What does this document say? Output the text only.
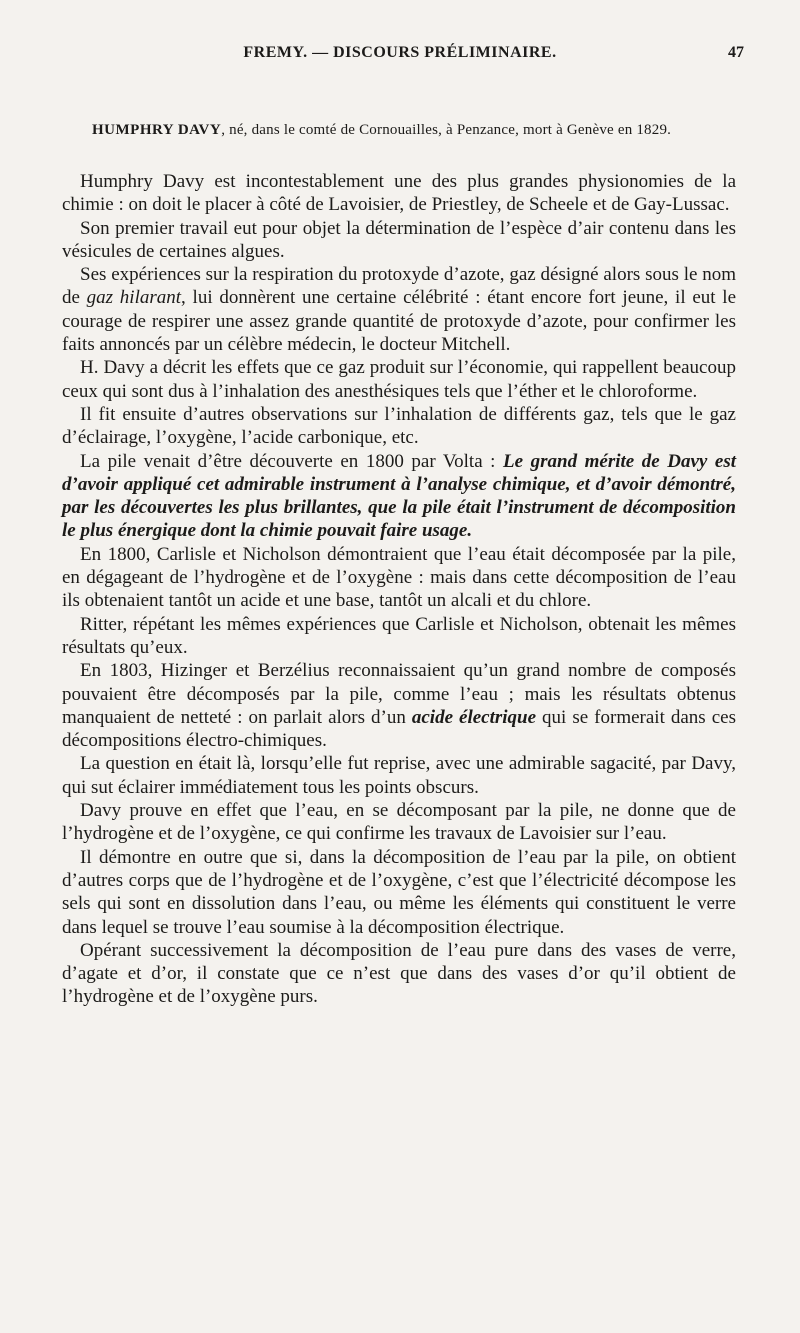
FREMY. — DISCOURS PRÉLIMINAIRE.	47
HUMPHRY DAVY, né, dans le comté de Cornouailles, à Penzance, mort à Genève en 1829.

Humphry Davy est incontestablement une des plus grandes physionomies de la chimie : on doit le placer à côté de Lavoisier, de Priestley, de Scheele et de Gay-Lussac.

Son premier travail eut pour objet la détermination de l’espèce d’air contenu dans les vésicules de certaines algues.

Ses expériences sur la respiration du protoxyde d’azote, gaz désigné alors sous le nom de gaz hilarant, lui donnèrent une certaine célébrité : étant encore fort jeune, il eut le courage de respirer une assez grande quantité de protoxyde d’azote, pour confirmer les faits annoncés par un célèbre médecin, le docteur Mitchell.

H. Davy a décrit les effets que ce gaz produit sur l’économie, qui rappellent beaucoup ceux qui sont dus à l’inhalation des anesthésiques tels que l’éther et le chloroforme.

Il fit ensuite d’autres observations sur l’inhalation de différents gaz, tels que le gaz d’éclairage, l’oxygène, l’acide carbonique, etc.

La pile venait d’être découverte en 1800 par Volta : Le grand mérite de Davy est d’avoir appliqué cet admirable instrument à l’analyse chimique, et d’avoir démontré, par les découvertes les plus brillantes, que la pile était l’instrument de décomposition le plus énergique dont la chimie pouvait faire usage.

En 1800, Carlisle et Nicholson démontraient que l’eau était décomposée par la pile, en dégageant de l’hydrogène et de l’oxygène : mais dans cette décomposition de l’eau ils obtenaient tantôt un acide et une base, tantôt un alcali et du chlore.

Ritter, répétant les mêmes expériences que Carlisle et Nicholson, obtenait les mêmes résultats qu’eux.

En 1803, Hizinger et Berzélius reconnaissaient qu’un grand nombre de composés pouvaient être décomposés par la pile, comme l’eau ; mais les résultats obtenus manquaient de netteté : on parlait alors d’un acide électrique qui se formerait dans ces décompositions électro-chimiques.

La question en était là, lorsqu’elle fut reprise, avec une admirable sagacité, par Davy, qui sut éclairer immédiatement tous les points obscurs.

Davy prouve en effet que l’eau, en se décomposant par la pile, ne donne que de l’hydrogène et de l’oxygène, ce qui confirme les travaux de Lavoisier sur l’eau.

Il démontre en outre que si, dans la décomposition de l’eau par la pile, on obtient d’autres corps que de l’hydrogène et de l’oxygène, c’est que l’électricité décompose les sels qui sont en dissolution dans l’eau, ou même les éléments qui constituent le verre dans lequel se trouve l’eau soumise à la décomposition électrique.

Opérant successivement la décomposition de l’eau pure dans des vases de verre, d’agate et d’or, il constate que ce n’est que dans des vases d’or qu’il obtient de l’hydrogène et de l’oxygène purs.
